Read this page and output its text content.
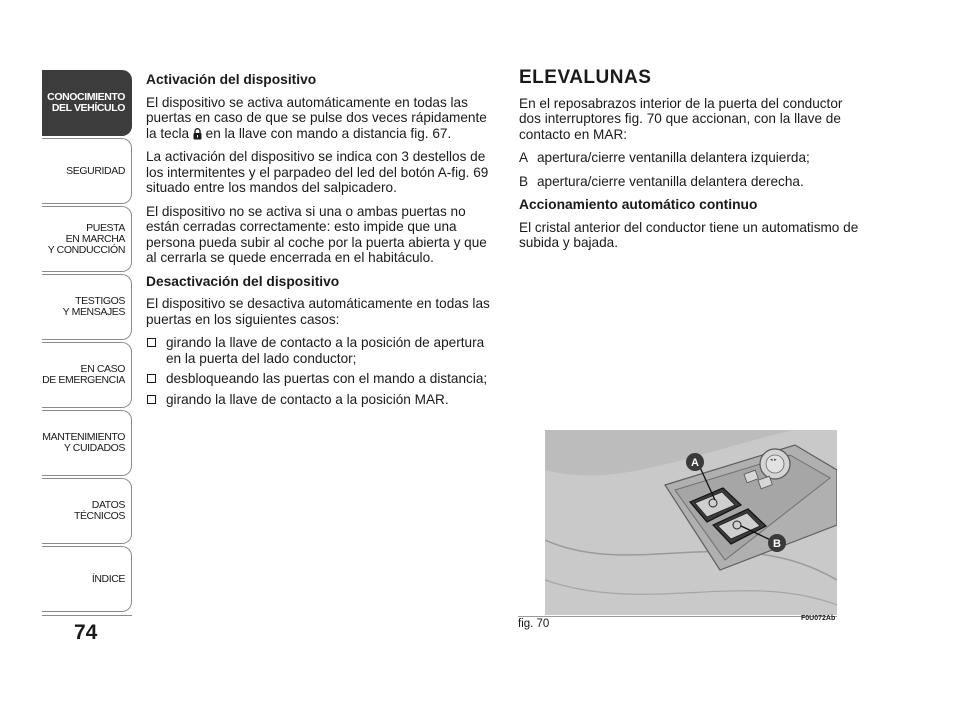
CONOCIMIENTO
DEL VEHÍCULO
SEGURIDAD
PUESTA
EN MARCHA
Y CONDUCCIÓN
TESTIGOS
Y MENSAJES
EN CASO
DE EMERGENCIA
MANTENIMIENTO
Y CUIDADOS
DATOS TÉCNICOS
ÍNDICE
74
Activación del dispositivo

El dispositivo se activa automáticamente en todas las puertas en caso de que se pulse dos veces rápidamente la tecla  en la llave con mando a distancia fig. 67.

La activación del dispositivo se indica con 3 destellos de los intermitentes y el parpadeo del led del botón A-fig. 69 situado entre los mandos del salpicadero.

El dispositivo no se activa si una o ambas puertas no están cerradas correctamente: esto impide que una persona pueda subir al coche por la puerta abierta y que al cerrarla se quede encerrada en el habitáculo.

Desactivación del dispositivo

El dispositivo se desactiva automáticamente en todas las puertas en los siguientes casos:

girando la llave de contacto a la posición de apertura en la puerta del lado conductor;
desbloqueando las puertas con el mando a distancia;
girando la llave de contacto a la posición MAR.
ELEVALUNAS

En el reposabrazos interior de la puerta del conductor dos interruptores fig. 70 que accionan, con la llave de contacto en MAR:

A apertura/cierre ventanilla delantera izquierda;
B apertura/cierre ventanilla delantera derecha.
Accionamiento automático continuo

El cristal anterior del conductor tiene un automatismo de subida y bajada.

◂ ▸
A
B
fig. 70	F0U072Ab
